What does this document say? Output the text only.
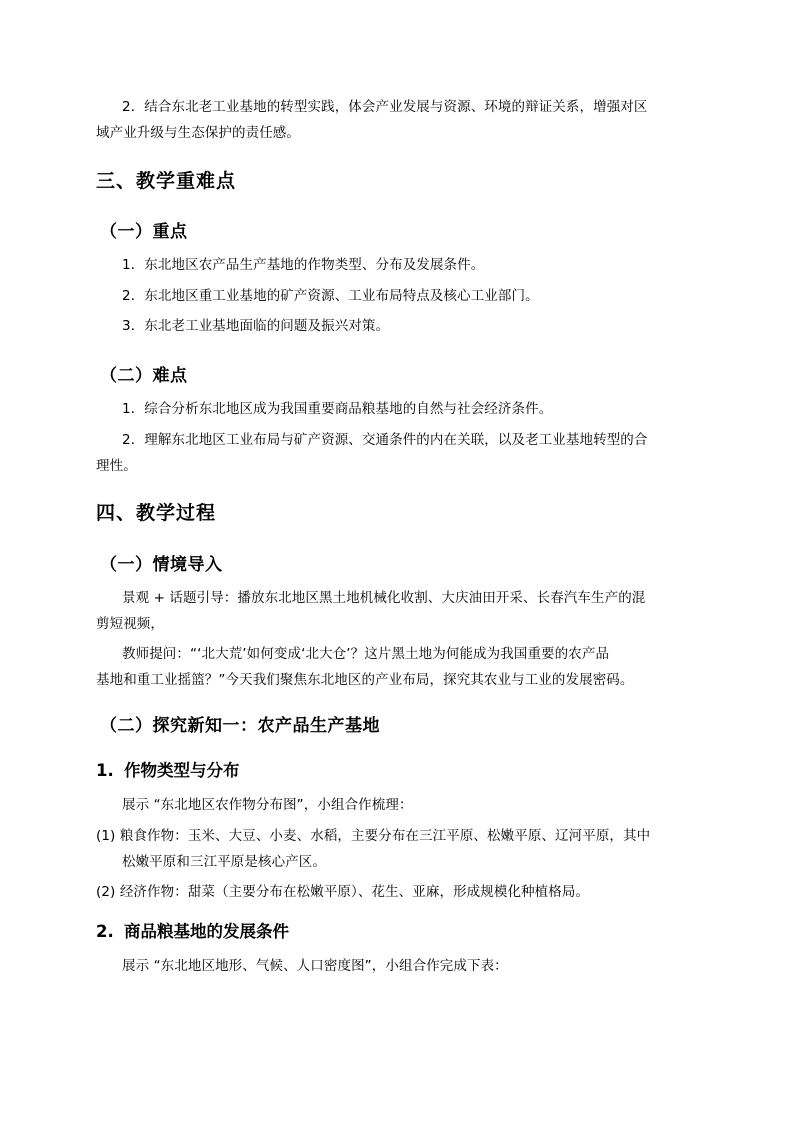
2．结合东北老工业基地的转型实践，体会产业发展与资源、环境的辩证关系，增强对区
域产业升级与生态保护的责任感。
三、教学重难点
（一）重点
1．东北地区农产品生产基地的作物类型、分布及发展条件。
2．东北地区重工业基地的矿产资源、工业布局特点及核心工业部门。
3．东北老工业基地面临的问题及振兴对策。
（二）难点
1．综合分析东北地区成为我国重要商品粮基地的自然与社会经济条件。
2．理解东北地区工业布局与矿产资源、交通条件的内在关联，以及老工业基地转型的合
理性。
四、教学过程
（一）情境导入
景观 + 话题引导：播放东北地区黑土地机械化收割、大庆油田开采、长春汽车生产的混
剪短视频，
教师提问：“‘北大荒’如何变成‘北大仓’？这片黑土地为何能成为我国重要的农产品
基地和重工业摇篮？”今天我们聚焦东北地区的产业布局，探究其农业与工业的发展密码。
（二）探究新知一：农产品生产基地
1. 作物类型与分布
展示 “东北地区农作物分布图”，小组合作梳理：
(1) 粮食作物：玉米、大豆、小麦、水稻，主要分布在三江平原、松嫩平原、辽河平原，其中
松嫩平原和三江平原是核心产区。
(2) 经济作物：甜菜（主要分布在松嫩平原）、花生、亚麻，形成规模化种植格局。
2. 商品粮基地的发展条件
展示 “东北地区地形、气候、人口密度图”，小组合作完成下表：
